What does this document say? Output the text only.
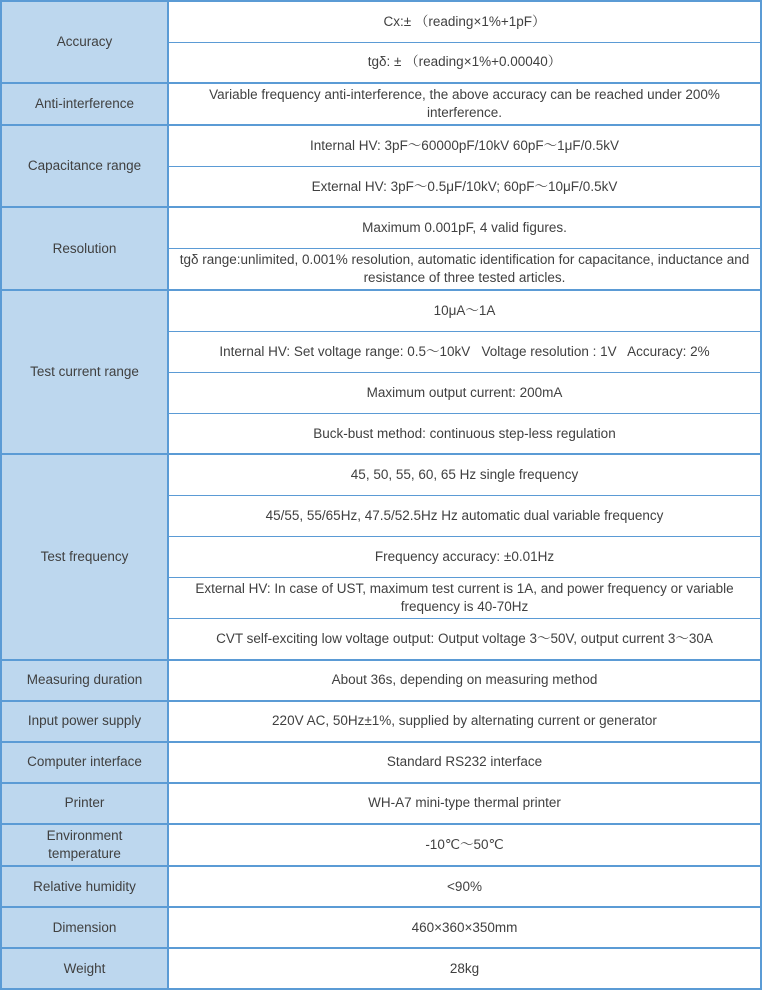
Accuracy	Cx:± （reading×1%+1pF）
	tgδ: ± （reading×1%+0.00040）
Anti-interference	Variable frequency anti-interference, the above accuracy can be reached under 200% interference.
Capacitance range	Internal HV: 3pF～60000pF/10kV 60pF～1μF/0.5kV
	External HV: 3pF～0.5μF/10kV; 60pF～10μF/0.5kV
Resolution	Maximum 0.001pF, 4 valid figures.
	tgδ range:unlimited, 0.001% resolution, automatic identification for capacitance, inductance and resistance of three tested articles.
Test current range	10μA～1A
	Internal HV: Set voltage range: 0.5～10kV   Voltage resolution : 1V   Accuracy: 2%
	Maximum output current: 200mA
	Buck-bust method: continuous step-less regulation
Test frequency	45, 50, 55, 60, 65 Hz single frequency
	45/55, 55/65Hz, 47.5/52.5Hz Hz automatic dual variable frequency
	Frequency accuracy: ±0.01Hz
	External HV: In case of UST, maximum test current is 1A, and power frequency or variable frequency is 40-70Hz
	CVT self-exciting low voltage output: Output voltage 3～50V, output current 3～30A
Measuring duration	About 36s, depending on measuring method
Input power supply	220V AC, 50Hz±1%, supplied by alternating current or generator
Computer interface	Standard RS232 interface
Printer	WH-A7 mini-type thermal printer
Environment temperature	-10℃～50℃
Relative humidity	<90%
Dimension	460×360×350mm
Weight	28kg
